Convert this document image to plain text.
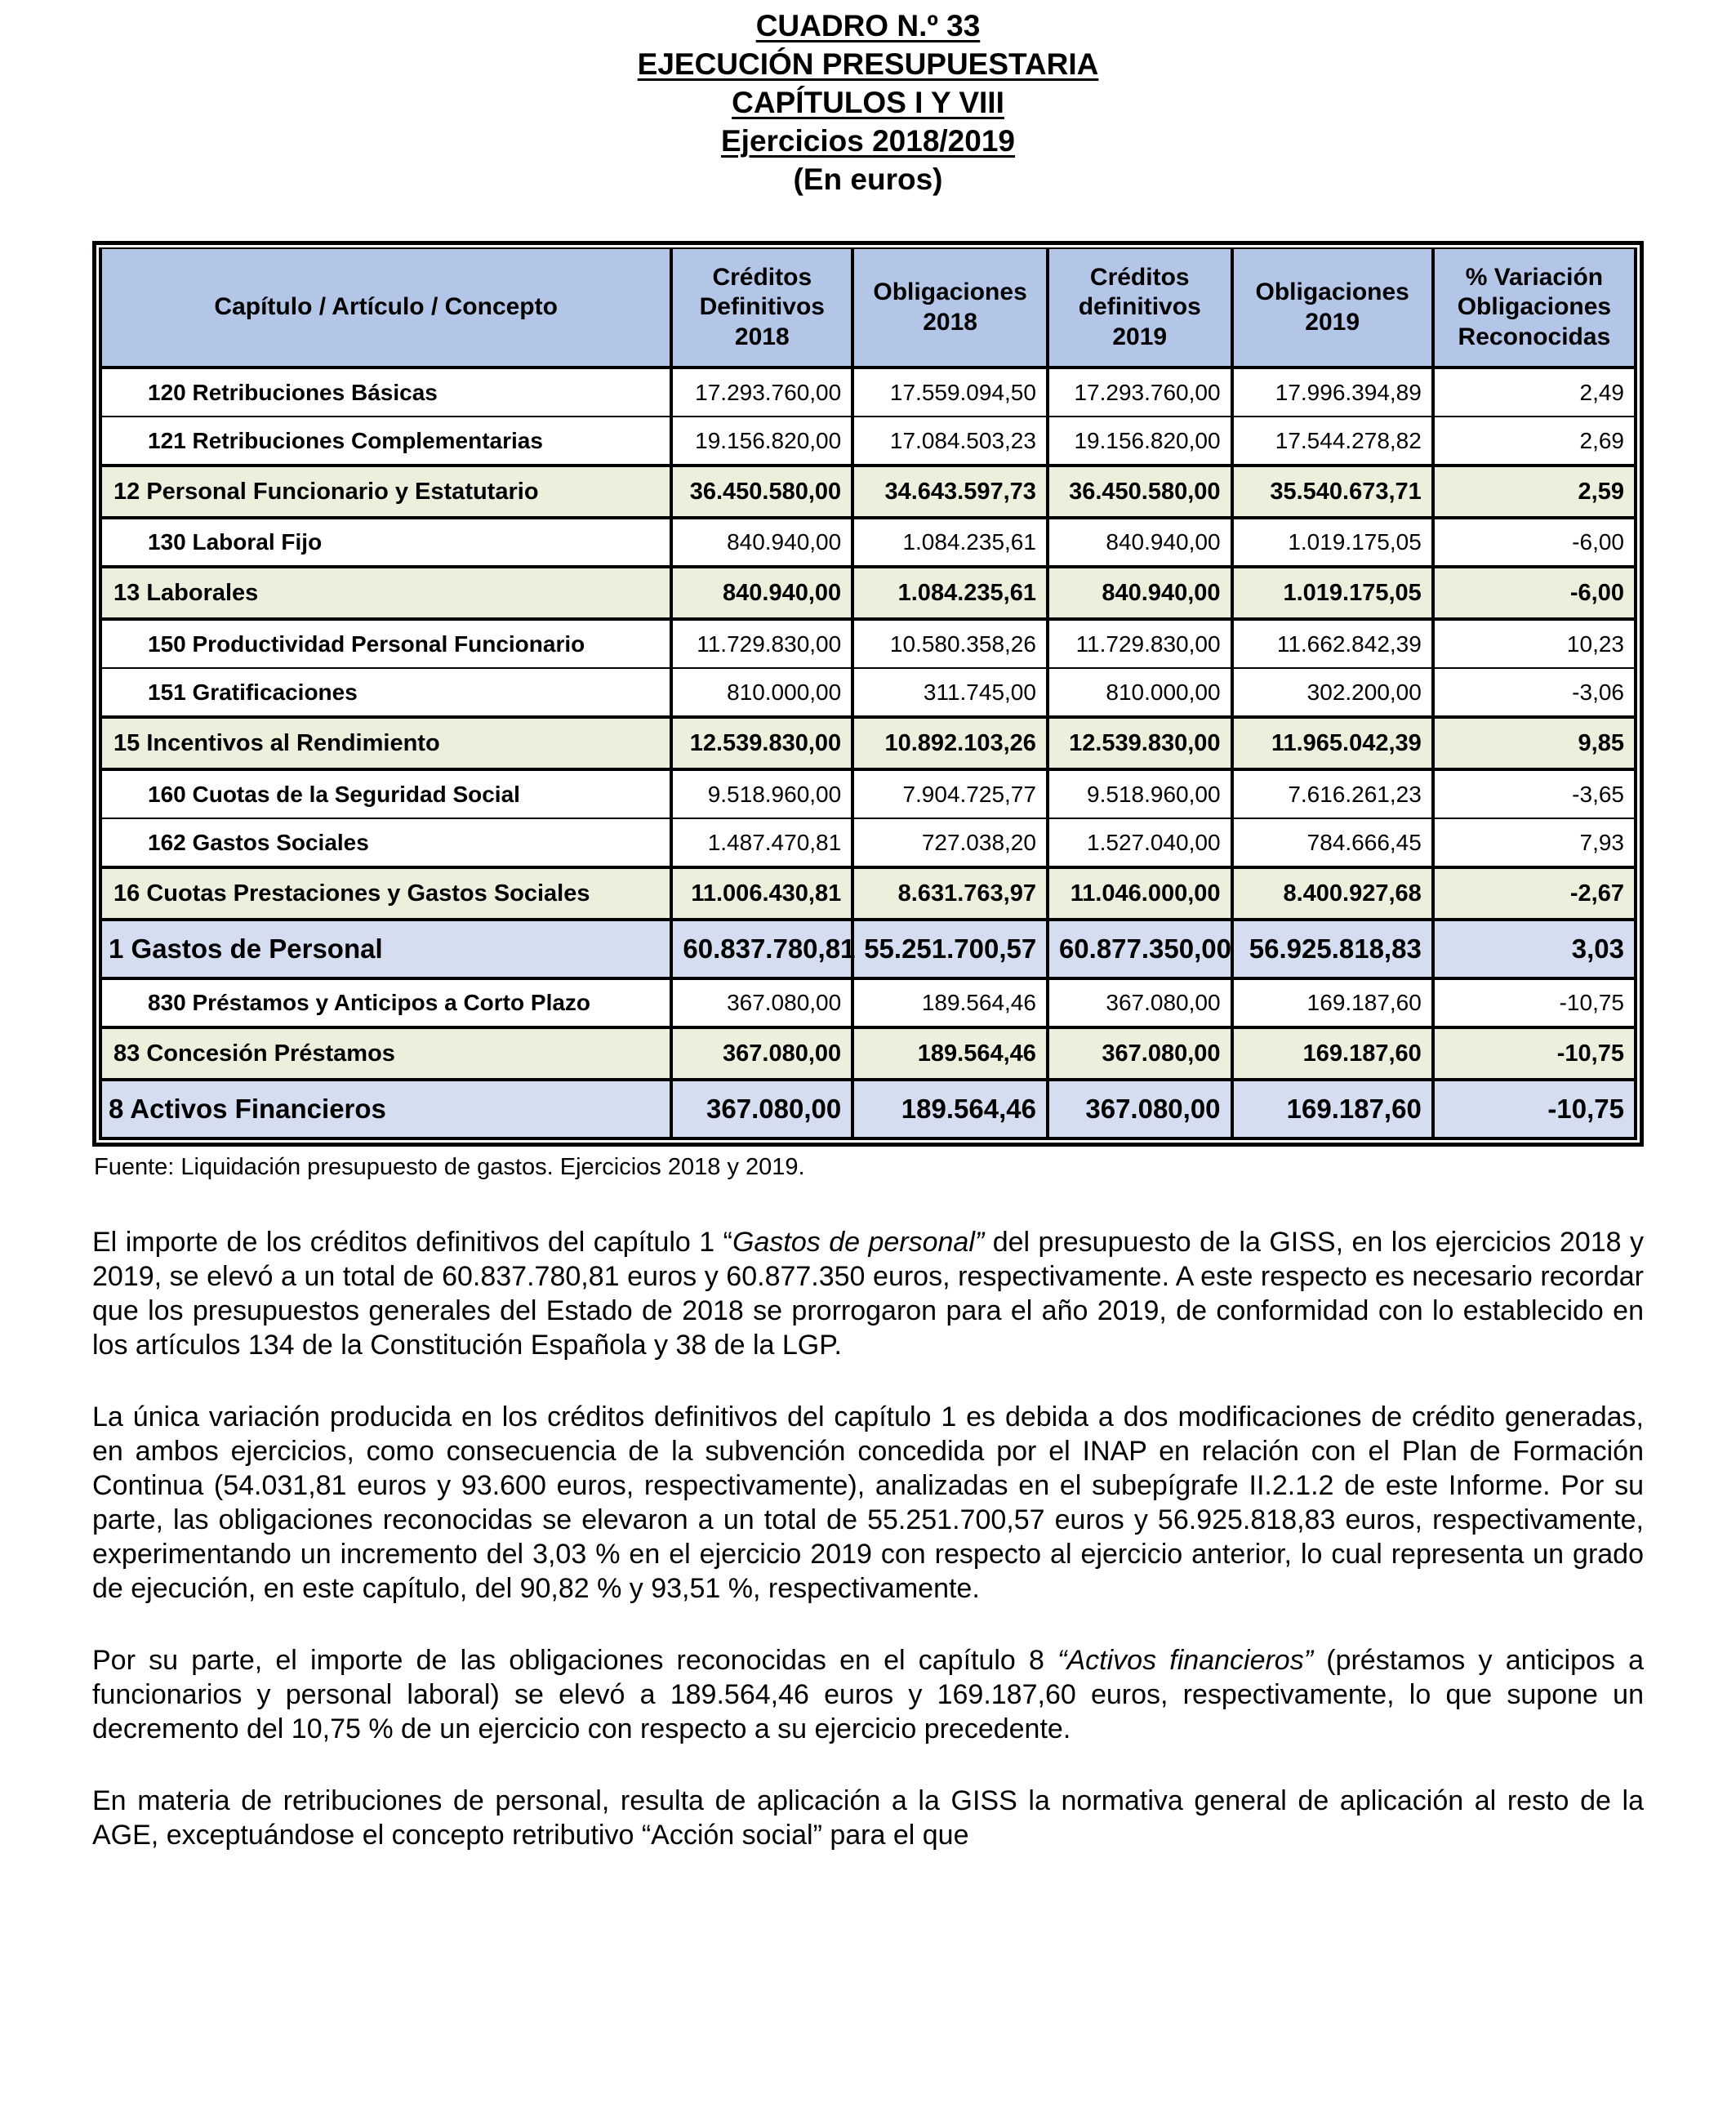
CUADRO N.º 33
EJECUCIÓN PRESUPUESTARIA
CAPÍTULOS I Y VIII
Ejercicios 2018/2019
(En euros)
Capítulo / Artículo / Concepto	Créditos Definitivos 2018	Obligaciones 2018	Créditos definitivos 2019	Obligaciones 2019	% Variación Obligaciones Reconocidas
120 Retribuciones Básicas	17.293.760,00	17.559.094,50	17.293.760,00	17.996.394,89	2,49
121 Retribuciones Complementarias	19.156.820,00	17.084.503,23	19.156.820,00	17.544.278,82	2,69
12 Personal Funcionario y Estatutario	36.450.580,00	34.643.597,73	36.450.580,00	35.540.673,71	2,59
130 Laboral Fijo	840.940,00	1.084.235,61	840.940,00	1.019.175,05	-6,00
13 Laborales	840.940,00	1.084.235,61	840.940,00	1.019.175,05	-6,00
150 Productividad Personal Funcionario	11.729.830,00	10.580.358,26	11.729.830,00	11.662.842,39	10,23
151 Gratificaciones	810.000,00	311.745,00	810.000,00	302.200,00	-3,06
15 Incentivos al Rendimiento	12.539.830,00	10.892.103,26	12.539.830,00	11.965.042,39	9,85
160 Cuotas de la Seguridad Social	9.518.960,00	7.904.725,77	9.518.960,00	7.616.261,23	-3,65
162 Gastos Sociales	1.487.470,81	727.038,20	1.527.040,00	784.666,45	7,93
16 Cuotas Prestaciones y Gastos Sociales	11.006.430,81	8.631.763,97	11.046.000,00	8.400.927,68	-2,67
1 Gastos de Personal	60.837.780,81	55.251.700,57	60.877.350,00	56.925.818,83	3,03
830 Préstamos y Anticipos a Corto Plazo	367.080,00	189.564,46	367.080,00	169.187,60	-10,75
83 Concesión Préstamos	367.080,00	189.564,46	367.080,00	169.187,60	-10,75
8 Activos Financieros	367.080,00	189.564,46	367.080,00	169.187,60	-10,75
Fuente: Liquidación presupuesto de gastos. Ejercicios 2018 y 2019.

El importe de los créditos definitivos del capítulo 1 “Gastos de personal” del presupuesto de la GISS, en los ejercicios 2018 y 2019, se elevó a un total de 60.837.780,81 euros y 60.877.350 euros, respectivamente. A este respecto es necesario recordar que los presupuestos generales del Estado de 2018 se prorrogaron para el año 2019, de conformidad con lo establecido en los artículos 134 de la Constitución Española y 38 de la LGP.

La única variación producida en los créditos definitivos del capítulo 1 es debida a dos modificaciones de crédito generadas, en ambos ejercicios, como consecuencia de la subvención concedida por el INAP en relación con el Plan de Formación Continua (54.031,81 euros y 93.600 euros, respectivamente), analizadas en el subepígrafe II.2.1.2 de este Informe. Por su parte, las obligaciones reconocidas se elevaron a un total de 55.251.700,57 euros y 56.925.818,83 euros, respectivamente, experimentando un incremento del 3,03 % en el ejercicio 2019 con respecto al ejercicio anterior, lo cual representa un grado de ejecución, en este capítulo, del 90,82 % y 93,51 %, respectivamente.

Por su parte, el importe de las obligaciones reconocidas en el capítulo 8 “Activos financieros” (préstamos y anticipos a funcionarios y personal laboral) se elevó a 189.564,46 euros y 169.187,60 euros, respectivamente, lo que supone un decremento del 10,75 % de un ejercicio con respecto a su ejercicio precedente.

En materia de retribuciones de personal, resulta de aplicación a la GISS la normativa general de aplicación al resto de la AGE, exceptuándose el concepto retributivo “Acción social” para el que
